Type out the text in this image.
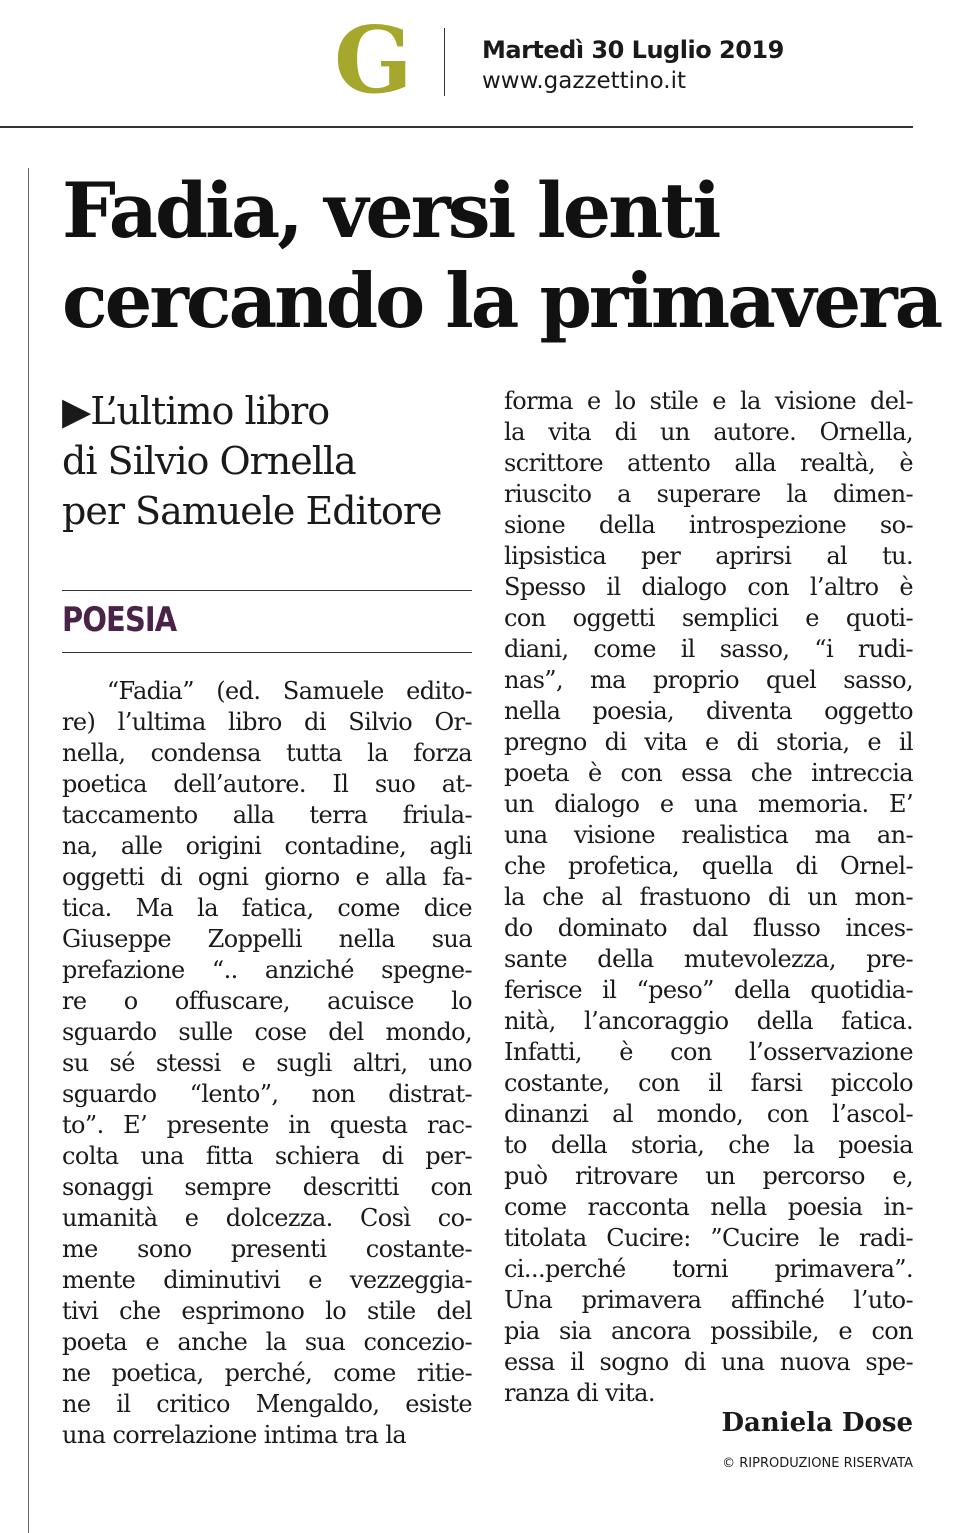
G	Martedì 30 Luglio 2019
www.gazzettino.it
Fadia, versi lenti
cercando la primavera
▶L’ultimo libro
di Silvio Ornella
per Samuele Editore
POESIA
“Fadia” (ed. Samuele edito-
re) l’ultima libro di Silvio Or-
nella, condensa tutta la forza
poetica dell’autore. Il suo at-
taccamento alla terra friula-
na, alle origini contadine, agli
oggetti di ogni giorno e alla fa-
tica. Ma la fatica, come dice
Giuseppe Zoppelli nella sua
prefazione “.. anziché spegne-
re o offuscare, acuisce lo
sguardo sulle cose del mondo,
su sé stessi e sugli altri, uno
sguardo “lento”, non distrat-
to”. E’ presente in questa rac-
colta una fitta schiera di per-
sonaggi sempre descritti con
umanità e dolcezza. Così co-
me sono presenti costante-
mente diminutivi e vezzeggia-
tivi che esprimono lo stile del
poeta e anche la sua concezio-
ne poetica, perché, come ritie-
ne il critico Mengaldo, esiste
una correlazione intima tra la
forma e lo stile e la visione del-
la vita di un autore. Ornella,
scrittore attento alla realtà, è
riuscito a superare la dimen-
sione della introspezione so-
lipsistica per aprirsi al tu.
Spesso il dialogo con l’altro è
con oggetti semplici e quoti-
diani, come il sasso, “i rudi-
nas”, ma proprio quel sasso,
nella poesia, diventa oggetto
pregno di vita e di storia, e il
poeta è con essa che intreccia
un dialogo e una memoria. E’
una visione realistica ma an-
che profetica, quella di Ornel-
la che al frastuono di un mon-
do dominato dal flusso inces-
sante della mutevolezza, pre-
ferisce il “peso” della quotidia-
nità, l’ancoraggio della fatica.
Infatti, è con l’osservazione
costante, con il farsi piccolo
dinanzi al mondo, con l’ascol-
to della storia, che la poesia
può ritrovare un percorso e,
come racconta nella poesia in-
titolata Cucire: ”Cucire le radi-
ci...perché torni primavera”.
Una primavera affinché l’uto-
pia sia ancora possibile, e con
essa il sogno di una nuova spe-
ranza di vita.
Daniela Dose
© RIPRODUZIONE RISERVATA
